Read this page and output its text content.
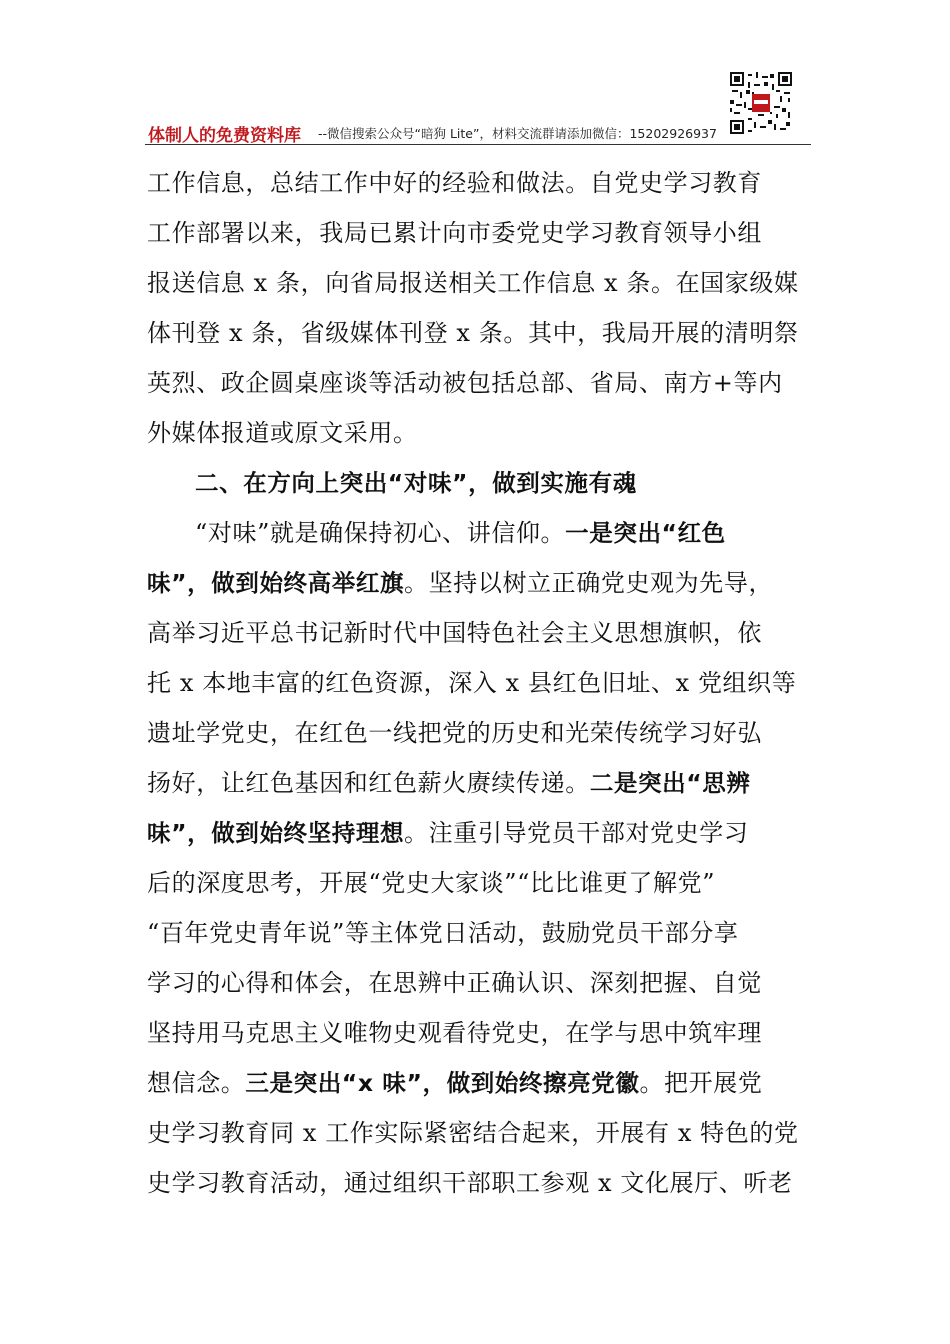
体制人的免费资料库 --微信搜索公众号“暗狗 Lite”，材料交流群请添加微信：15202926937
工作信息，总结工作中好的经验和做法。自党史学习教育
工作部署以来，我局已累计向市委党史学习教育领导小组
报送信息 x 条，向省局报送相关工作信息 x 条。在国家级媒
体刊登 x 条，省级媒体刊登 x 条。其中，我局开展的清明祭
英烈、政企圆桌座谈等活动被包括总部、省局、南方+等内
外媒体报道或原文采用。
二、在方向上突出“对味”，做到实施有魂
“对味”就是确保持初心、讲信仰。一是突出“红色
味”，做到始终高举红旗。坚持以树立正确党史观为先导，
高举习近平总书记新时代中国特色社会主义思想旗帜，依
托 x 本地丰富的红色资源，深入 x 县红色旧址、x 党组织等
遗址学党史，在红色一线把党的历史和光荣传统学习好弘
扬好，让红色基因和红色薪火赓续传递。二是突出“思辨
味”，做到始终坚持理想。注重引导党员干部对党史学习
后的深度思考，开展“党史大家谈”“比比谁更了解党”
“百年党史青年说”等主体党日活动，鼓励党员干部分享
学习的心得和体会，在思辨中正确认识、深刻把握、自觉
坚持用马克思主义唯物史观看待党史，在学与思中筑牢理
想信念。三是突出“x 味”，做到始终擦亮党徽。把开展党
史学习教育同 x 工作实际紧密结合起来，开展有 x 特色的党
史学习教育活动，通过组织干部职工参观 x 文化展厅、听老
